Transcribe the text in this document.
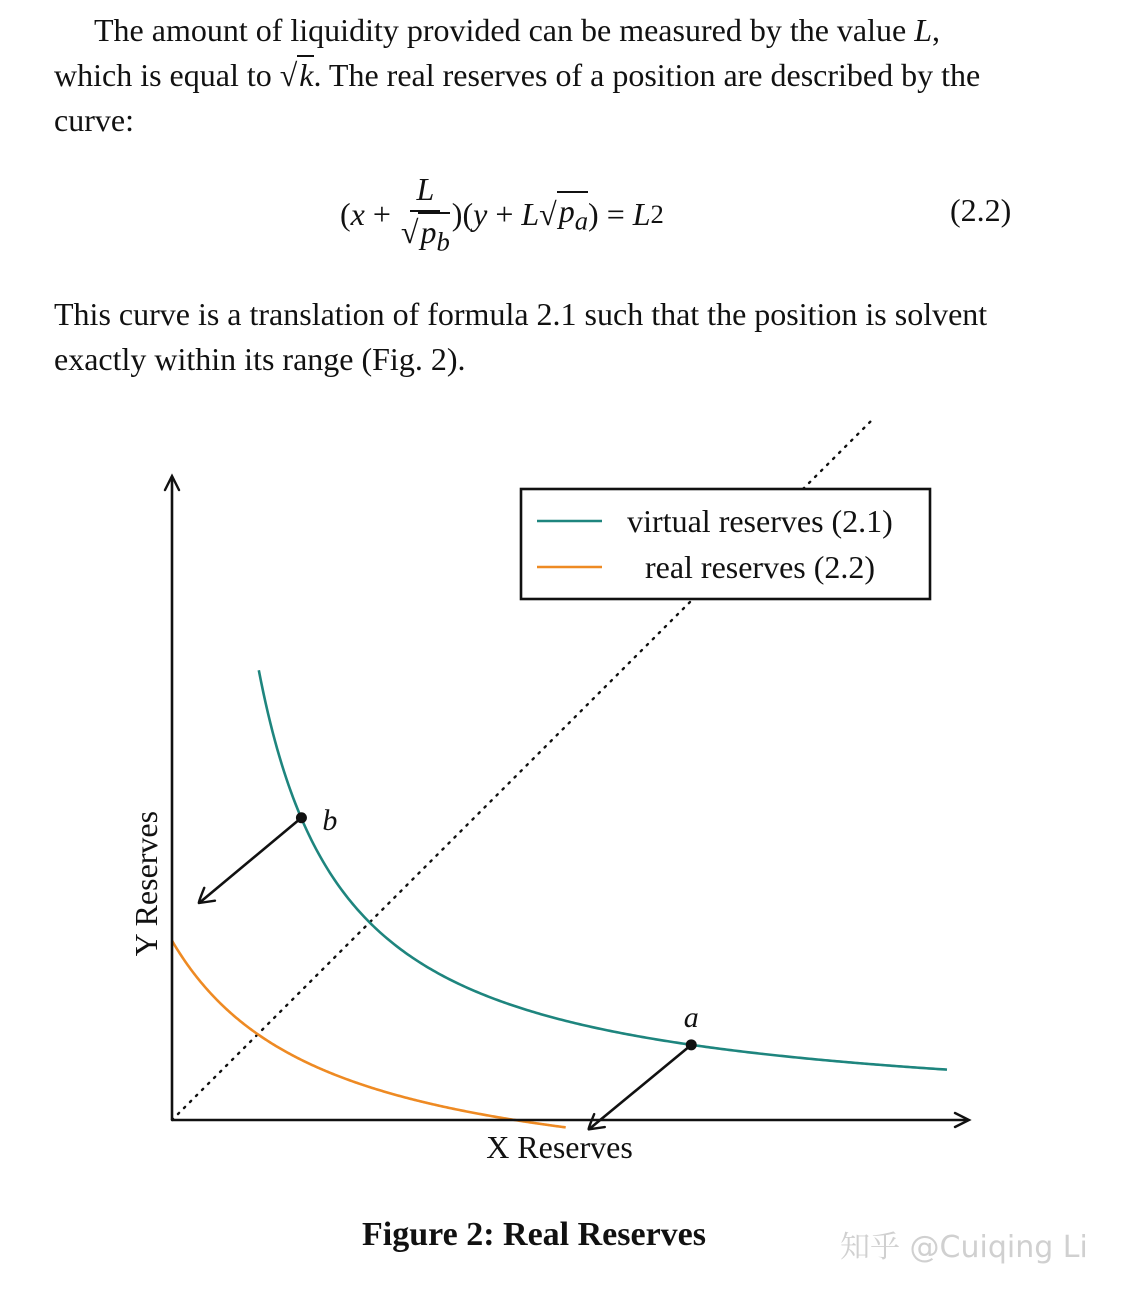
The amount of liquidity provided can be measured by the value L, which is equal to √k. The real reserves of a position are described by the curve:

( $x + \frac{L}{√p_b}$ )( y + L √ $p_a$ ) = L 2	(2.2)

This curve is a translation of formula 2.1 such that the position is solvent exactly within its range (Fig. 2).

X Reserves
Y Reserves	b
a
virtual reserves (2.1)
real reserves (2.2)
Figure 2: Real Reserves	知乎 @Cuiqing Li
